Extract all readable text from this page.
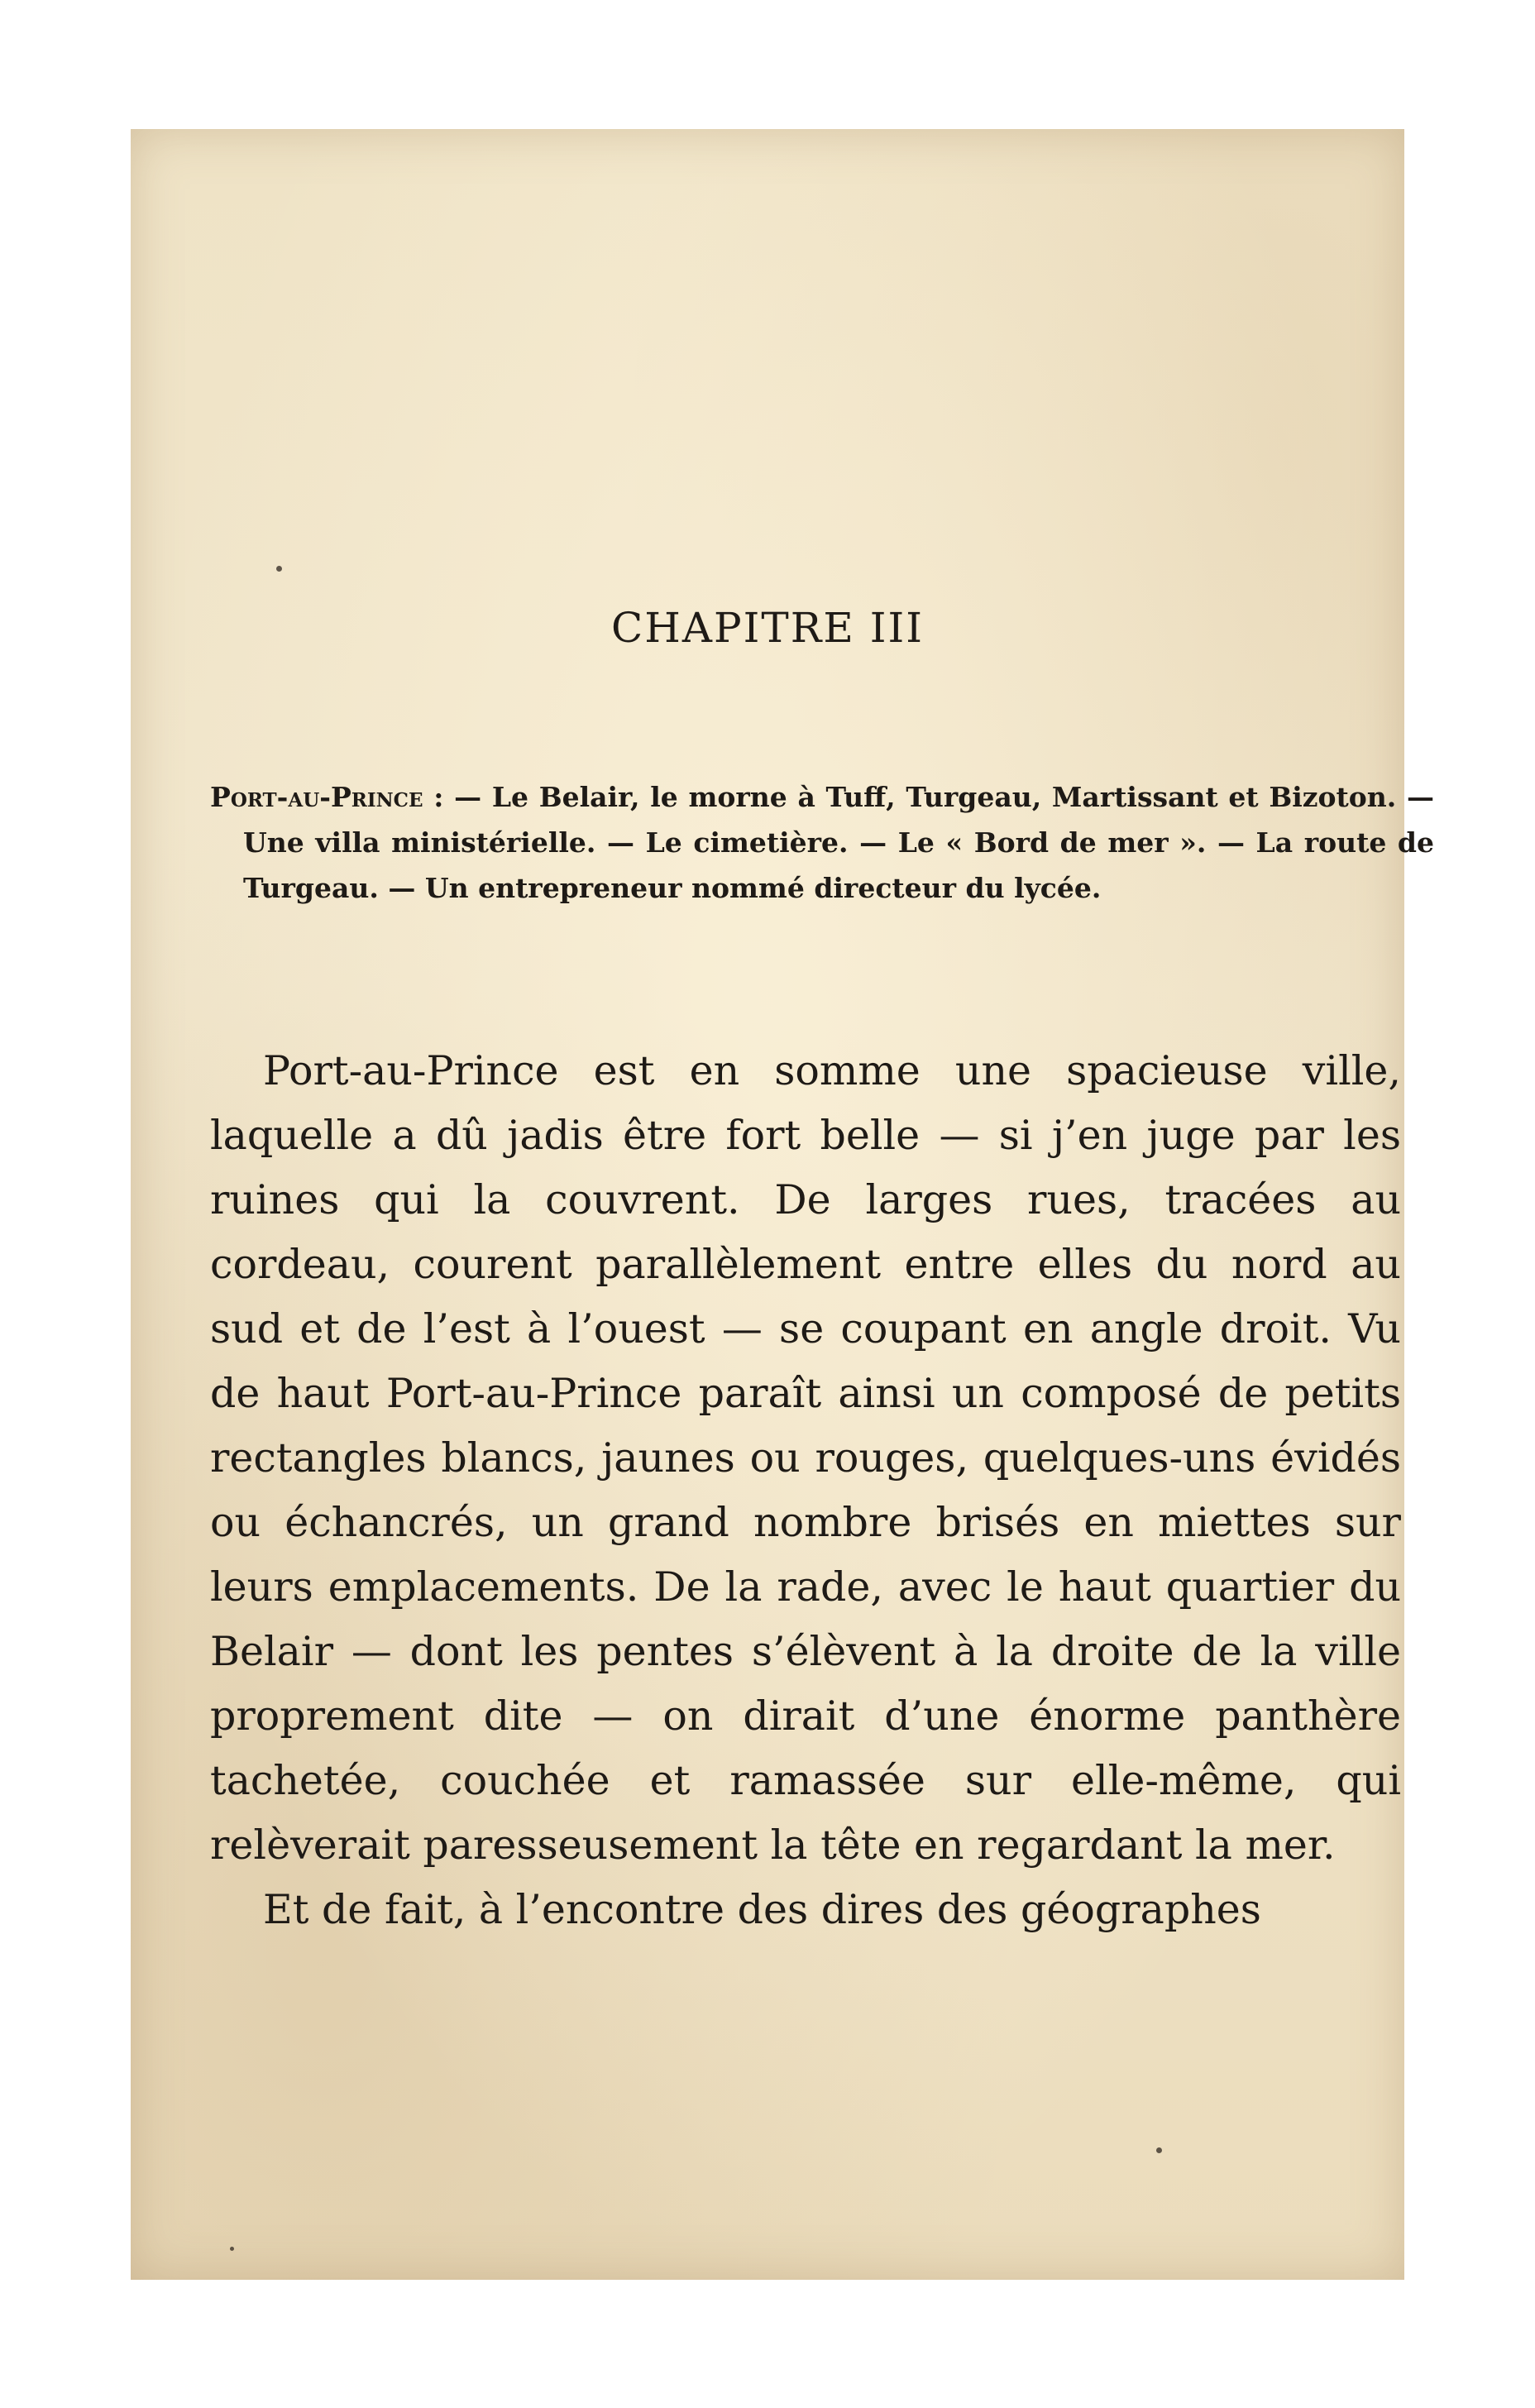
CHAPITRE III

Port-au-Prince : — Le Belair, le morne à Tuff, Turgeau, Martissant et Bizoton. — Une villa ministérielle. — Le cimetière. — Le « Bord de mer ». — La route de Turgeau. — Un entrepreneur nommé directeur du lycée.

Port-au-Prince est en somme une spacieuse ville, laquelle a dû jadis être fort belle — si j’en juge par les ruines qui la couvrent. De larges rues, tracées au cordeau, courent parallèlement entre elles du nord au sud et de l’est à l’ouest — se coupant en angle droit. Vu de haut Port-au-Prince paraît ainsi un composé de petits rectangles blancs, jaunes ou rouges, quelques-uns évidés ou échancrés, un grand nombre brisés en miettes sur leurs emplacements. De la rade, avec le haut quartier du Belair — dont les pentes s’élèvent à la droite de la ville proprement dite — on dirait d’une énorme panthère tachetée, couchée et ramassée sur elle-même, qui relèverait paresseusement la tête en regardant la mer.

Et de fait, à l’encontre des dires des géographes
